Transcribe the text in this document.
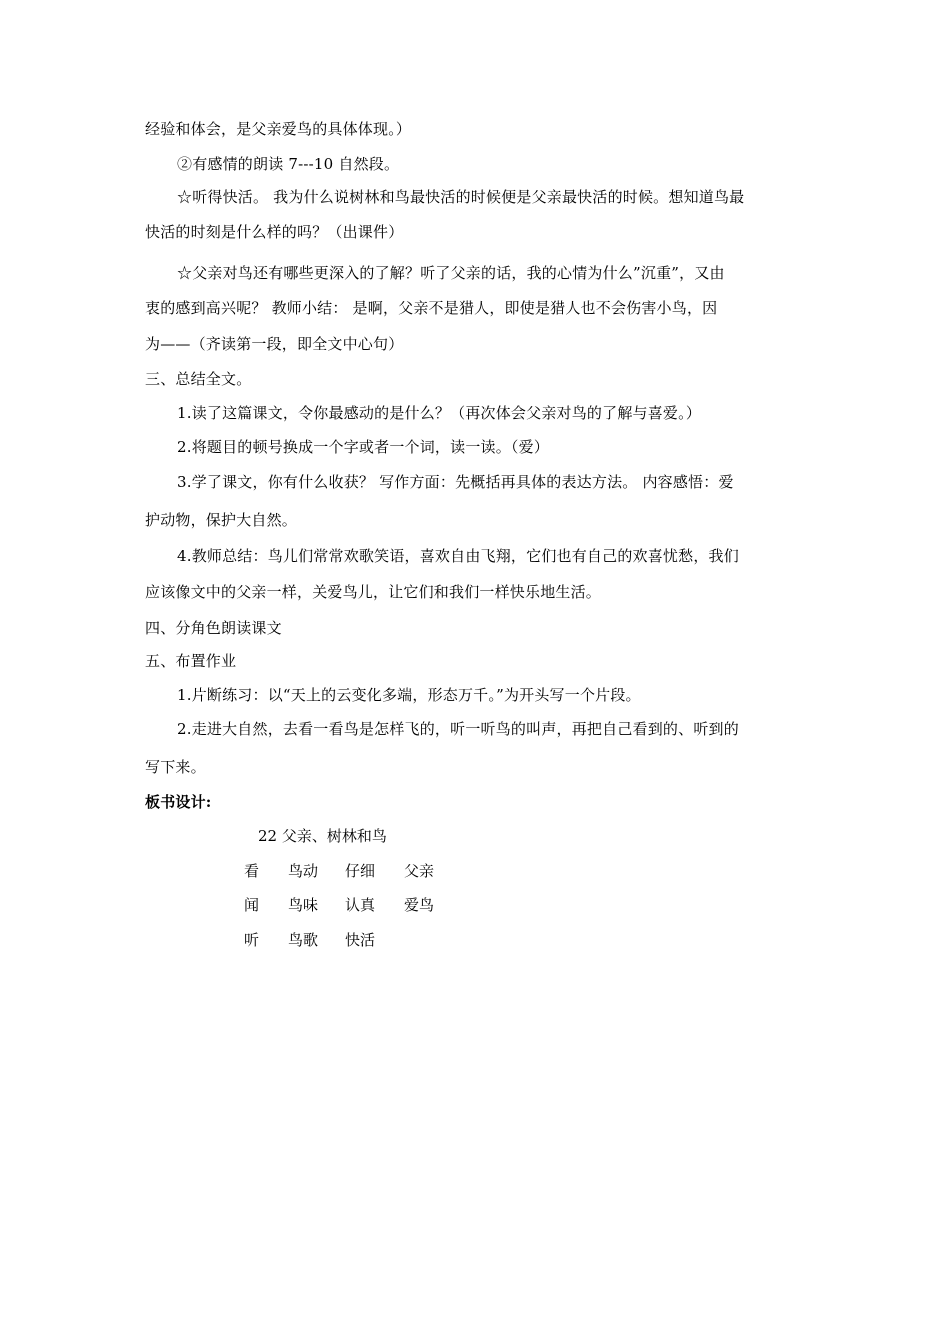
经验和体会，是父亲爱鸟的具体体现。）
②有感情的朗读 7---10 自然段。
☆听得快活。 我为什么说树林和鸟最快活的时候便是父亲最快活的时候。想知道鸟最
快活的时刻是什么样的吗？（出课件）
☆父亲对鸟还有哪些更深入的了解？听了父亲的话，我的心情为什么”沉重”，又由
衷的感到高兴呢？ 教师小结： 是啊，父亲不是猎人，即使是猎人也不会伤害小鸟，因
为——（齐读第一段，即全文中心句）
三、总结全文。
1.读了这篇课文，令你最感动的是什么？（再次体会父亲对鸟的了解与喜爱。）
2.将题目的顿号换成一个字或者一个词，读一读。（爱）
3.学了课文，你有什么收获？ 写作方面：先概括再具体的表达方法。 内容感悟：爱
护动物，保护大自然。
4.教师总结：鸟儿们常常欢歌笑语，喜欢自由飞翔，它们也有自己的欢喜忧愁，我们
应该像文中的父亲一样，关爱鸟儿，让它们和我们一样快乐地生活。
四、分角色朗读课文
五、布置作业
1.片断练习：以“天上的云变化多端，形态万千。”为开头写一个片段。
2.走进大自然，去看一看鸟是怎样飞的，听一听鸟的叫声，再把自己看到的、听到的
写下来。
板书设计:
22 父亲、树林和鸟
看 鸟动 仔细 父亲
闻 鸟味 认真 爱鸟
听 鸟歌 快活
